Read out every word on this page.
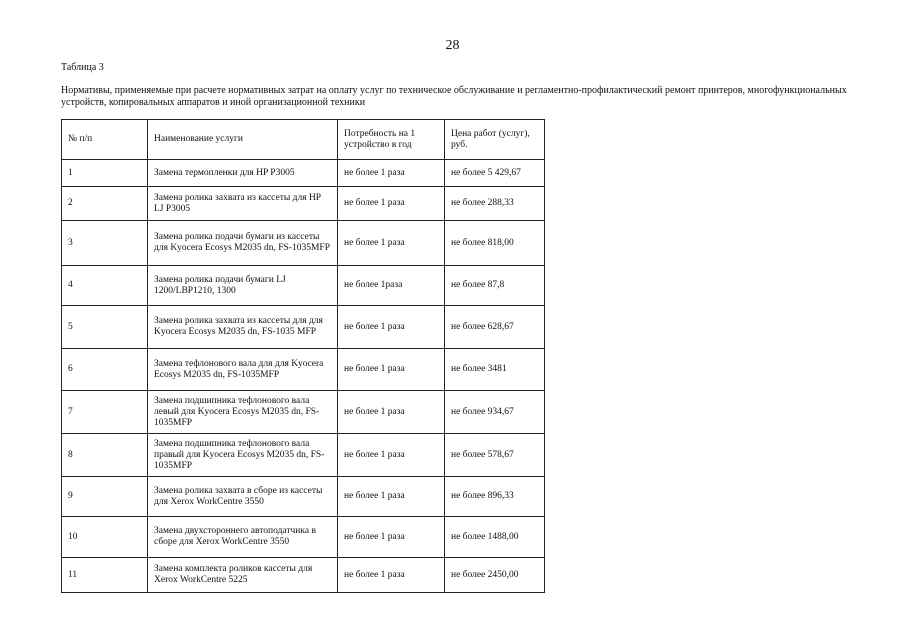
28
Таблица 3
Нормативы, применяемые при расчете нормативных затрат на оплату услуг по техническое обслуживание и регламентно-профилактический ремонт принтеров, многофункциональных устройств, копировальных аппаратов и иной организационной техники
№ п/п	Наименование услуги	Потребность на 1 устройство в год	Цена работ (услуг), руб.
1	Замена термопленки для HP P3005	не более 1 раза	не более 5 429,67
2	Замена ролика захвата из кассеты для HP LJ P3005	не более 1 раза	не более 288,33
3	Замена ролика подачи бумаги из кассеты для Kyocera Ecosys M2035 dn, FS-1035MFP	не более 1 раза	не более 818,00
4	Замена ролика подачи бумаги LJ 1200/LBP1210, 1300	не более 1раза	не более 87,8
5	Замена ролика захвата из кассеты для для Kyocera Ecosys M2035 dn, FS-1035 MFP	не более 1 раза	не более 628,67
6	Замена тефлонового вала для для Kyocera Ecosys M2035 dn, FS-1035MFP	не более 1 раза	не более 3481
7	Замена подшипника тефлонового вала левый для Kyocera Ecosys M2035 dn, FS-1035MFP	не более 1 раза	не более 934,67
8	Замена подшипника тефлонового вала правый для Kyocera Ecosys M2035 dn, FS-1035MFP	не более 1 раза	не более 578,67
9	Замена ролика захвата в сборе из кассеты для Xerox WorkCentre 3550	не более 1 раза	не более 896,33
10	Замена двухстороннего автоподатчика в сборе для Xerox WorkCentre 3550	не более 1 раза	не более 1488,00
11	Замена комплекта роликов кассеты для Xerox WorkCentre 5225	не более 1 раза	не более 2450,00
